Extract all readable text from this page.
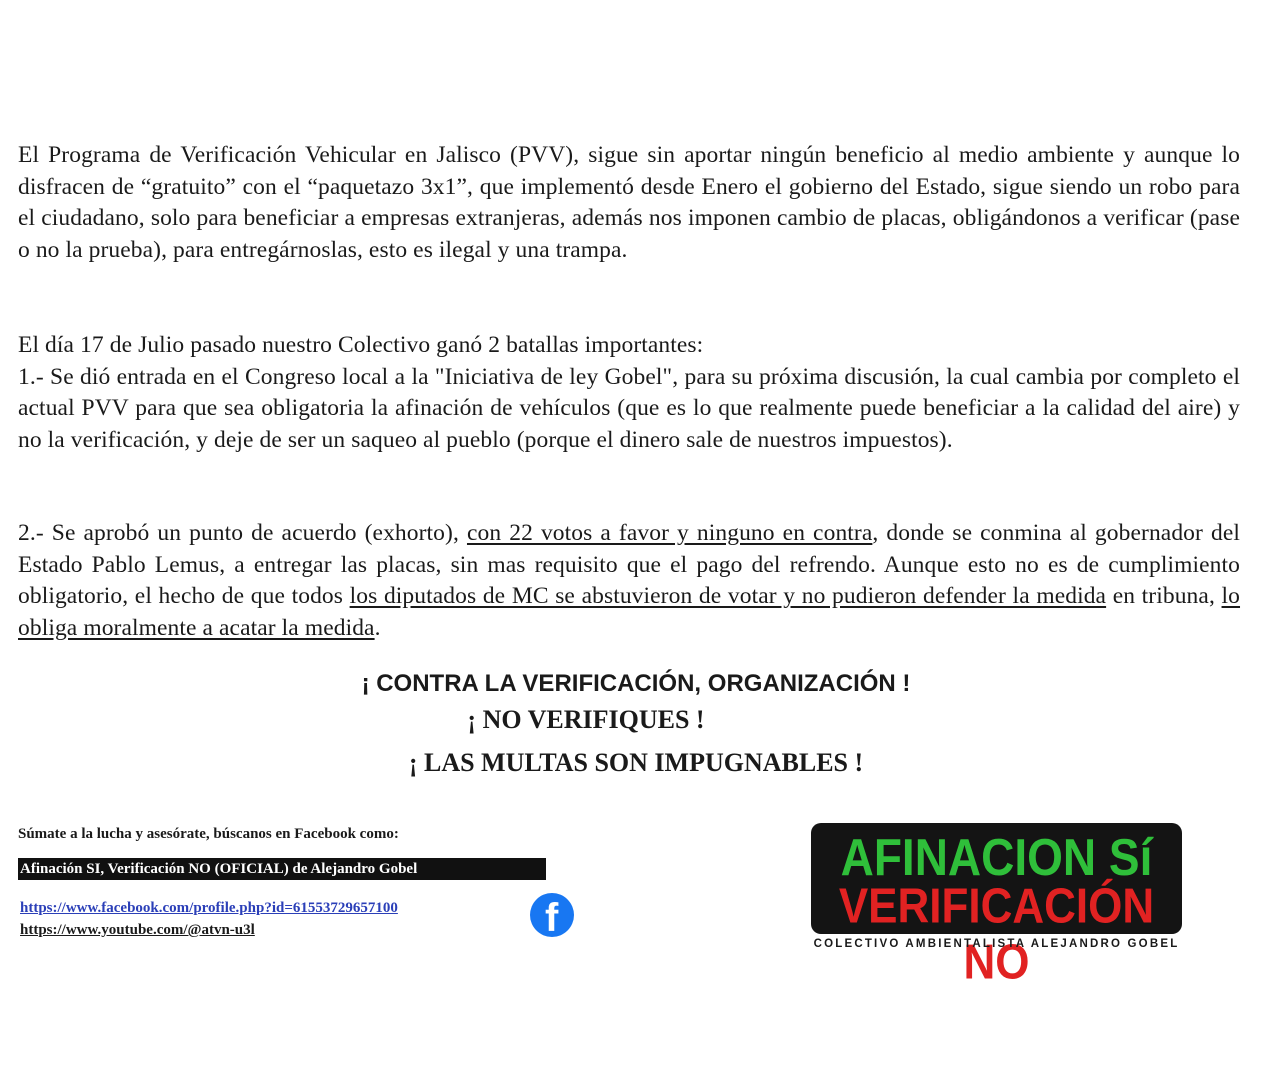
El Programa de Verificación Vehicular en Jalisco (PVV), sigue sin aportar ningún beneficio al medio ambiente y aunque lo disfracen de “gratuito” con el “paquetazo 3x1”, que implementó desde Enero el gobierno del Estado, sigue siendo un robo para el ciudadano, solo para beneficiar a empresas extranjeras, además nos imponen cambio de placas, obligándonos a verificar (pase o no la prueba), para entregárnoslas, esto es ilegal y una trampa.

El día 17 de Julio pasado nuestro Colectivo ganó 2 batallas importantes:

1.- Se dió entrada en el Congreso local a la "Iniciativa de ley Gobel", para su próxima discusión, la cual cambia por completo el actual PVV para que sea obligatoria la afinación de vehículos (que es lo que realmente puede beneficiar a la calidad del aire) y no la verificación, y deje de ser un saqueo al pueblo (porque el dinero sale de nuestros impuestos).

2.- Se aprobó un punto de acuerdo (exhorto), con 22 votos a favor y ninguno en contra, donde se conmina al gobernador del Estado Pablo Lemus, a entregar las placas, sin mas requisito que el pago del refrendo. Aunque esto no es de cumplimiento obligatorio, el hecho de que todos los diputados de MC se abstuvieron de votar y no pudieron defender la medida en tribuna, lo obliga moralmente a acatar la medida.

¡ CONTRA LA VERIFICACIÓN, ORGANIZACIÓN !
¡ NO VERIFIQUES !
¡ LAS MULTAS SON IMPUGNABLES !
Súmate a la lucha y asesórate, búscanos en Facebook como:
Afinación SI, Verificación NO (OFICIAL) de Alejandro Gobel
https://www.facebook.com/profile.php?id=61553729657100
https://www.youtube.com/@atvn-u3l	f
AFINACION Sí
VERIFICACIÓN NO
COLECTIVO AMBIENTALISTA ALEJANDRO GOBEL
